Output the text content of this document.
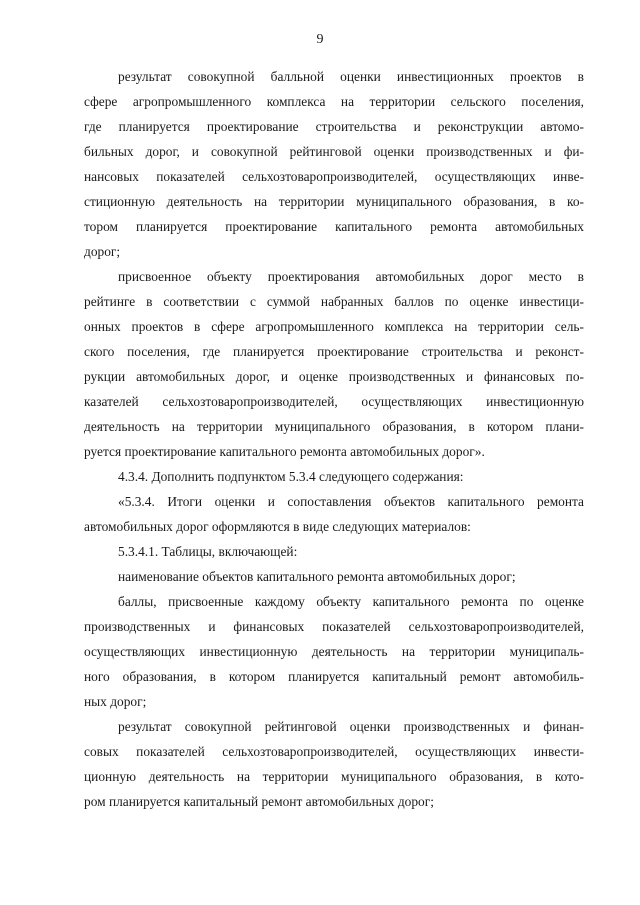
9
результат совокупной балльной оценки инвестиционных проектов в
сфере агропромышленного комплекса на территории сельского поселения,
где планируется проектирование строительства и реконструкции автомо-
бильных дорог, и совокупной рейтинговой оценки производственных и фи-
нансовых показателей сельхозтоваропроизводителей, осуществляющих инве-
стиционную деятельность на территории муниципального образования, в ко-
тором планируется проектирование капитального ремонта автомобильных
дорог;
присвоенное объекту проектирования автомобильных дорог место в
рейтинге в соответствии с суммой набранных баллов по оценке инвестици-
онных проектов в сфере агропромышленного комплекса на территории сель-
ского поселения, где планируется проектирование строительства и реконст-
рукции автомобильных дорог, и оценке производственных и финансовых по-
казателей сельхозтоваропроизводителей, осуществляющих инвестиционную
деятельность на территории муниципального образования, в котором плани-
руется проектирование капитального ремонта автомобильных дорог».
4.3.4. Дополнить подпунктом 5.3.4 следующего содержания:
«5.3.4. Итоги оценки и сопоставления объектов капитального ремонта
автомобильных дорог оформляются в виде следующих материалов:
5.3.4.1. Таблицы, включающей:
наименование объектов капитального ремонта автомобильных дорог;
баллы, присвоенные каждому объекту капитального ремонта по оценке
производственных и финансовых показателей сельхозтоваропроизводителей,
осуществляющих инвестиционную деятельность на территории муниципаль-
ного образования, в котором планируется капитальный ремонт автомобиль-
ных дорог;
результат совокупной рейтинговой оценки производственных и финан-
совых показателей сельхозтоваропроизводителей, осуществляющих инвести-
ционную деятельность на территории муниципального образования, в кото-
ром планируется капитальный ремонт автомобильных дорог;
